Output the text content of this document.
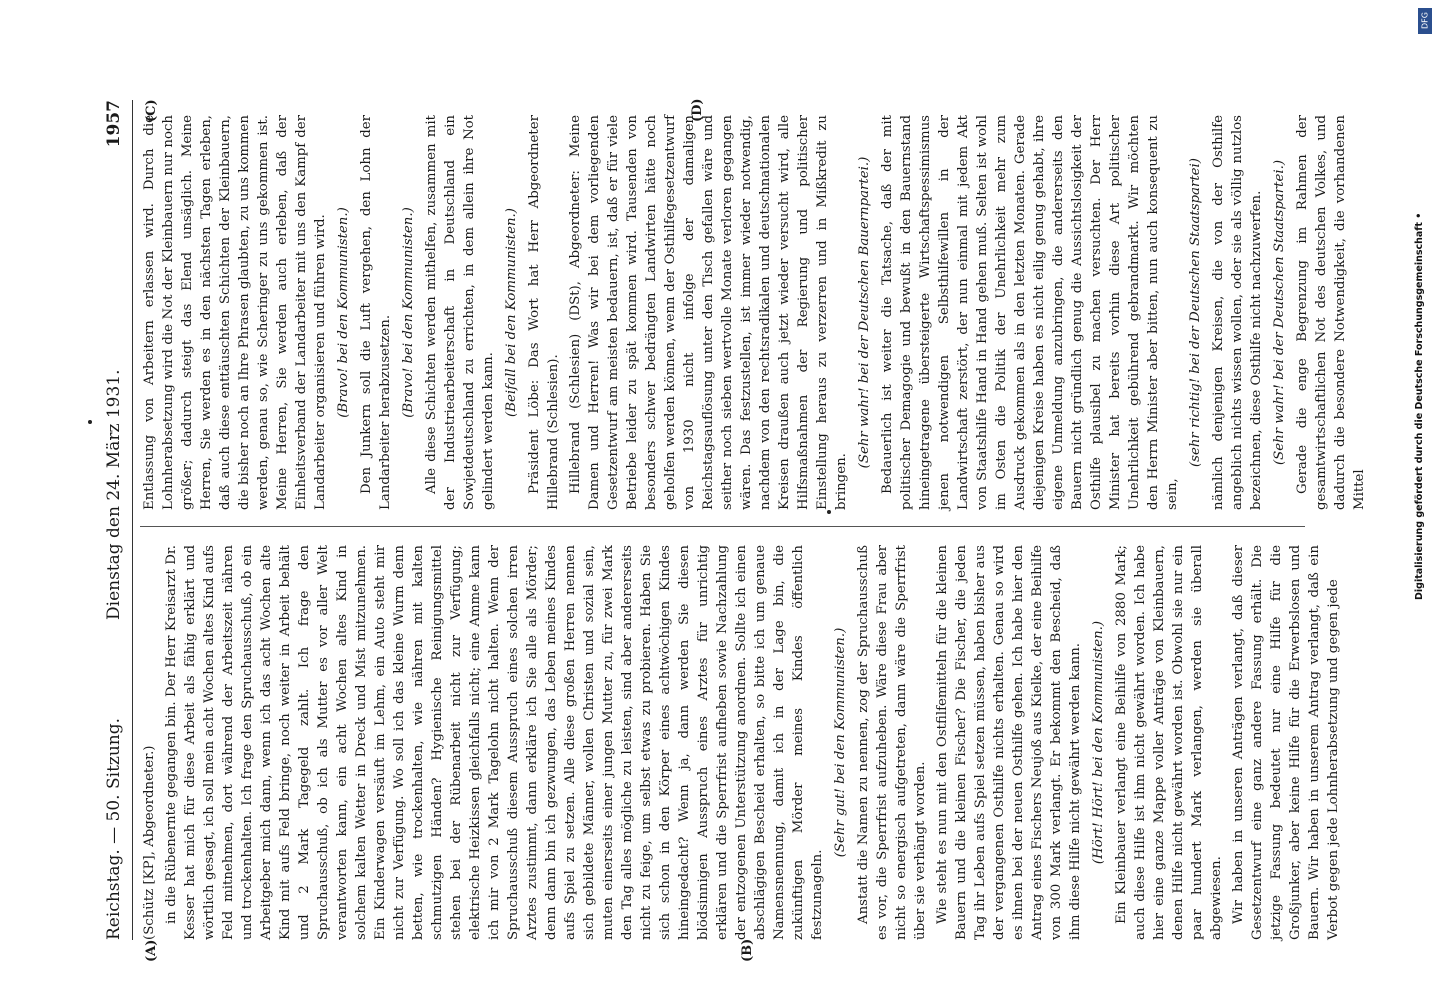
Reichstag. — 50. Sitzung.
Dienstag den 24. März 1931.
1957
(A)	(B)
(C)	(D)

(Schütz [KP], Abgeordneter.) in die Rübenernte gegangen bin. Der Herr Kreisarzt Dr. Kesser hat mich für diese Arbeit als fähig erklärt und wörtlich gesagt, ich soll mein acht Wochen altes Kind aufs Feld mitnehmen, dort während der Arbeitszeit nähren und trockenhalten. Ich frage den Spruchausschuß, ob ein Arbeitgeber mich dann, wenn ich das acht Wochen alte Kind mit aufs Feld bringe, noch weiter in Arbeit behält und 2 Mark Tagegeld zahlt. Ich frage den Spruchausschuß, ob ich als Mutter es vor aller Welt verantworten kann, ein acht Wochen altes Kind in solchem kalten Wetter in Dreck und Mist mitzunehmen. Ein Kinderwagen versäuft im Lehm, ein Auto steht mir nicht zur Verfügung. Wo soll ich das kleine Wurm denn betten, wie trockenhalten, wie nähren mit kalten schmutzigen Händen? Hygienische Reinigungsmittel stehen bei der Rübenarbeit nicht zur Verfügung; elektrische Heizkissen gleichfalls nicht; eine Amme kann ich mir von 2 Mark Tagelohn nicht halten. Wenn der Spruchausschuß diesem Ausspruch eines solchen irren Arztes zustimmt, dann erkläre ich Sie alle als Mörder; denn dann bin ich gezwungen, das Leben meines Kindes aufs Spiel zu setzen. Alle diese großen Herren nennen sich gebildete Männer, wollen Christen und sozial sein, muten einerseits einer jungen Mutter zu, für zwei Mark den Tag alles mögliche zu leisten, sind aber andererseits nicht zu feige, um selbst etwas zu probieren. Haben Sie sich schon in den Körper eines achtwöchigen Kindes hineingedacht? Wenn ja, dann werden Sie diesen blödsinnigen Ausspruch eines Arztes für unrichtig erklären und die Sperrfrist aufheben sowie Nachzahlung der entzogenen Unterstützung anordnen. Sollte ich einen abschlägigen Bescheid erhalten, so bitte ich um genaue Namensnennung, damit ich in der Lage bin, die zukünftigen Mörder meines Kindes öffentlich festzunageln.

(Sehr gut! bei den Kommunisten.) Anstatt die Namen zu nennen, zog der Spruchausschuß es vor, die Sperrfrist aufzuheben. Wäre diese Frau aber nicht so energisch aufgetreten, dann wäre die Sperrfrist über sie verhängt worden. Wie steht es nun mit den Ostfilfemitteln für die kleinen Bauern und die kleinen Fischer? Die Fischer, die jeden Tag ihr Leben aufs Spiel setzen müssen, haben bisher aus der vergangenen Osthilfe nichts erhalten. Genau so wird es ihnen bei der neuen Osthilfe gehen. Ich habe hier den Antrag eines Fischers Neujoß aus Kielke, der eine Beihilfe von 300 Mark verlangt. Er bekommt den Bescheid, daß ihm diese Hilfe nicht gewährt werden kann. (Hört! Hört! bei den Kommunisten.) Ein Kleinbauer verlangt eine Beihilfe von 2880 Mark; auch diese Hilfe ist ihm nicht gewährt worden. Ich habe hier eine ganze Mappe voller Anträge von Kleinbauern, denen Hilfe nicht gewährt worden ist. Obwohl sie nur ein paar hundert Mark verlangen, werden sie überall abgewiesen. Wir haben in unseren Anträgen verlangt, daß dieser Gesetzentwurf eine ganz andere Fassung erhält. Die jetzige Fassung bedeutet nur eine Hilfe für die Großjunker, aber keine Hilfe für die Erwerbslosen und Bauern. Wir haben in unserem Antrag verlangt, daß ein Verbot gegen jede Lohnherabsetzung und gegen jede

Entlassung von Arbeitern erlassen wird. Durch die Lohnherabsetzung wird die Not der Kleinbauern nur noch größer; dadurch steigt das Elend unsäglich. Meine Herren, Sie werden es in den nächsten Tagen erleben, daß auch diese enttäuschten Schichten der Kleinbauern, die bisher noch an Ihre Phrasen glaubten, zu uns kommen werden, genau so, wie Scheringer zu uns gekommen ist. Meine Herren, Sie werden auch erleben, daß der Einheitsverband der Landarbeiter mit uns den Kampf der Landarbeiter organisieren und führen wird. (Bravo! bei den Kommunisten.) Den Junkern soll die Luft vergehen, den Lohn der Landarbeiter herabzusetzen. (Bravo! bei den Kommunisten.) Alle diese Schichten werden mithelfen, zusammen mit der Industriearbeiterschaft in Deutschland ein Sowjetdeutschland zu errichten, in dem allein ihre Not gelindert werden kann.

(Beifall bei den Kommunisten.) Präsident Löbe: Das Wort hat Herr Abgeordneter Hillebrand (Schlesien). Hillebrand (Schlesien) (DSt), Abgeordneter: Meine Damen und Herren! Was wir bei dem vorliegenden Gesetzentwurf am meisten bedauern, ist, daß er für viele Betriebe leider zu spät kommen wird. Tausenden von besonders schwer bedrängten Landwirten hätte noch geholfen werden können, wenn der Osthilfegesetzentwurf von 1930 nicht infolge der damaligen Reichstagsauflösung unter den Tisch gefallen wäre und seither noch sieben wertvolle Monate verloren gegangen wären. Das festzustellen, ist immer wieder notwendig, nachdem von den rechtsradikalen und deutschnationalen Kreisen draußen auch jetzt wieder versucht wird, alle Hilfsmaßnahmen der Regierung und politischer Einstellung heraus zu verzerren und in Mißkredit zu bringen.

(Sehr wahr! bei der Deutschen Bauernpartei.) Bedauerlich ist weiter die Tatsache, daß der mit politischer Demagogie und bewußt in den Bauernstand hineingetragene übersteigerte Wirtschaftspessimismus jenen notwendigen Selbsthilfewillen in der Landwirtschaft zerstört, der nun einmal mit jedem Akt von Staatshilfe Hand in Hand gehen muß. Selten ist wohl im Osten die Politik der Unehrlichkeit mehr zum Ausdruck gekommen als in den letzten Monaten. Gerade diejenigen Kreise haben es nicht eilig genug gehabt, ihre eigene Unmeldung anzubringen, die andererseits den Bauern nicht gründlich genug die Aussichtslosigkeit der Osthilfe plausibel zu machen versuchten. Der Herr Minister hat bereits vorhin diese Art politischer Unehrlichkeit gebührend gebrandmarkt. Wir möchten den Herrn Minister aber bitten, nun auch konsequent zu sein,

(sehr richtig! bei der Deutschen Staatspartei) nämlich denjenigen Kreisen, die von der Osthilfe angeblich nichts wissen wollen, oder sie als völlig nutzlos bezeichnen, diese Osthilfe nicht nachzuwerfen. (Sehr wahr! bei der Deutschen Staatspartei.) Gerade die enge Begrenzung im Rahmen der gesamtwirtschaftlichen Not des deutschen Volkes, und dadurch die besondere Notwendigkeit, die vorhandenen Mittel

DFG
Digitalisierung gefördert durch die Deutsche Forschungsgemeinschaft •
